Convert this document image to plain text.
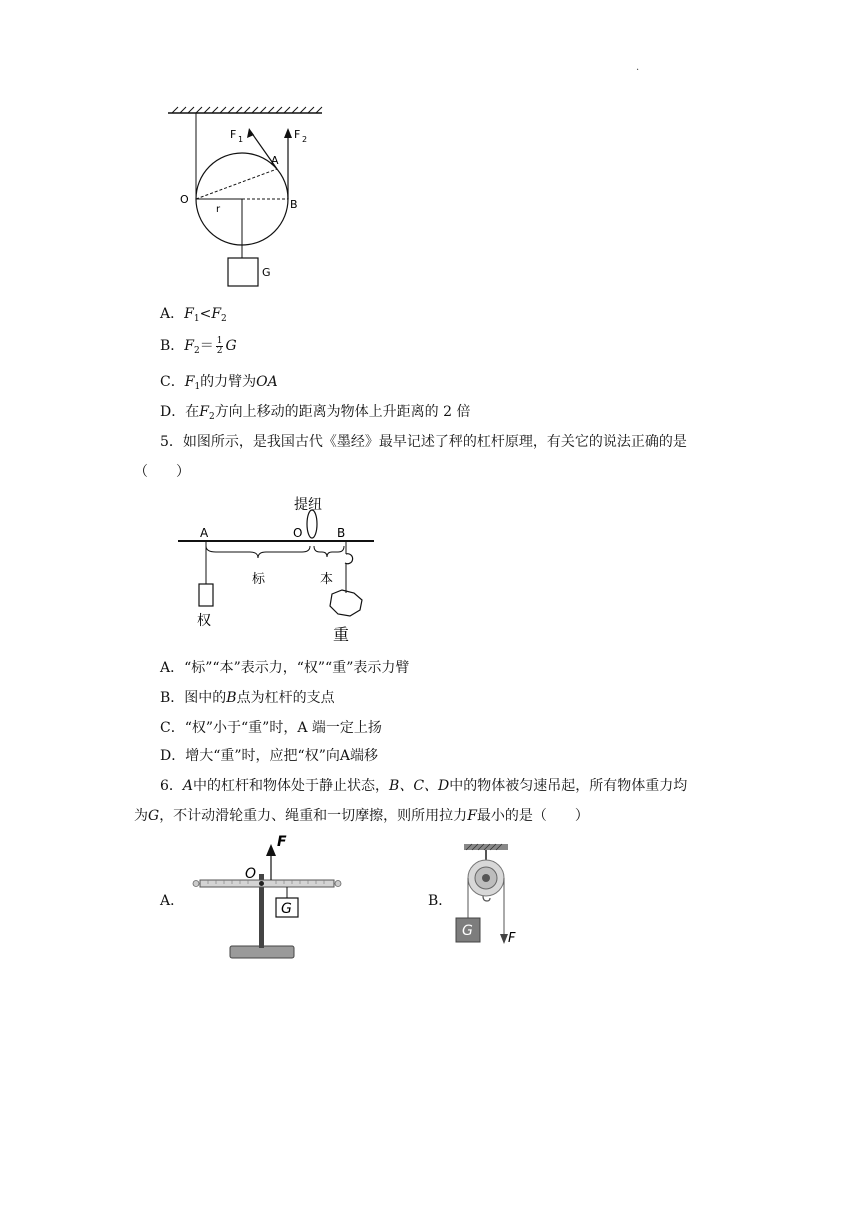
.
F 1	F 2
A
O	B
r
G
A．$F_1<F_2$
B．$F_2= \frac{1}{2}$ G
C．$F_1$的力臂为OA
D．在$F_2$方向上移动的距离为物体上升距离的 2 倍
5．如图所示，是我国古代《墨经》最早记述了秤的杠杆原理，有关它的说法正确的是
（　　）
提纽
A	O	B
标	本
权
重
A．“标”“本”表示力，“权”“重”表示力臂
B．图中的B点为杠杆的支点
C．“权”小于“重”时，A 端一定上扬
D．增大“重”时，应把“权”向A端移
6．A中的杠杆和物体处于静止状态，B、C、D中的物体被匀速吊起，所有物体重力均
为G，不计动滑轮重力、绳重和一切摩擦，则所用拉力F最小的是（　　）
A．
F
O
G	B．
G	F
